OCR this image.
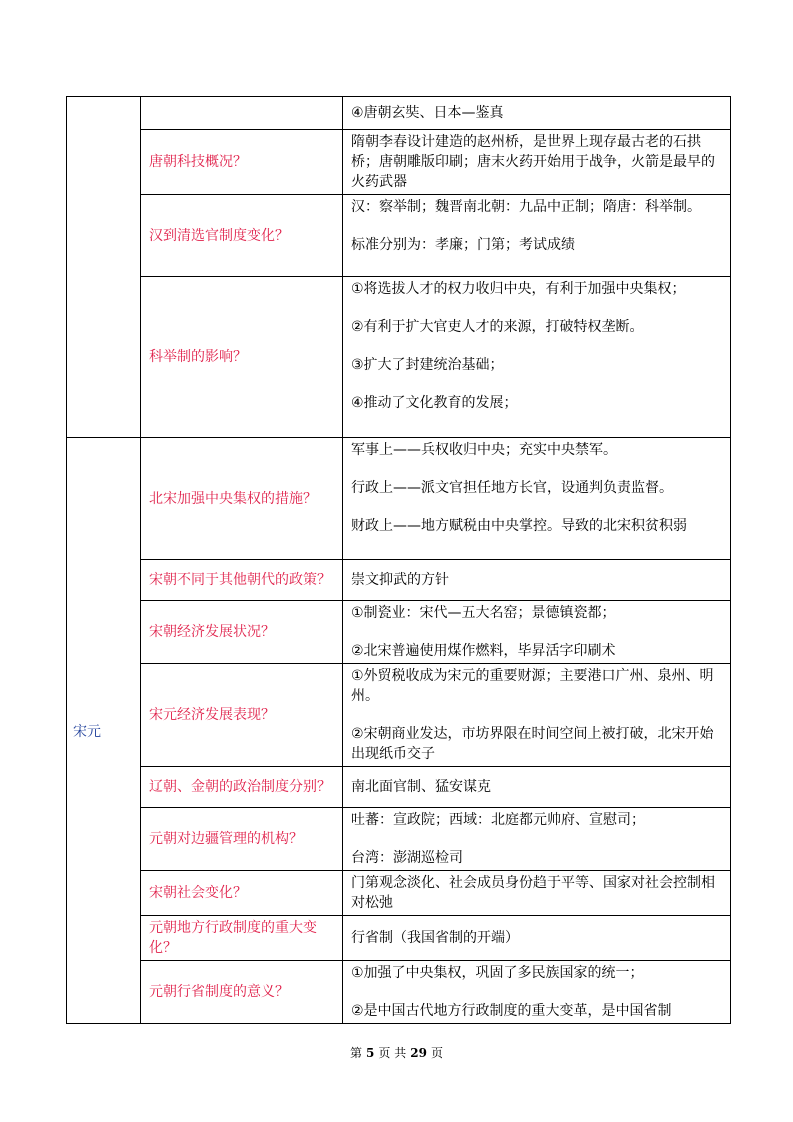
		④唐朝玄奘、日本—鉴真

	唐朝科技概况？	隋朝李春设计建造的赵州桥，是世界上现存最古老的石拱桥；唐朝雕版印刷；唐末火药开始用于战争，火箭是最早的火药武器

	汉到清选官制度变化？	汉：察举制；魏晋南北朝：九品中正制；隋唐：科举制。

标准分别为：孝廉；门第；考试成绩

	科举制的影响？	①将选拔人才的权力收归中央，有利于加强中央集权；

②有利于扩大官吏人才的来源，打破特权垄断。

③扩大了封建统治基础；

④推动了文化教育的发展；

宋元	北宋加强中央集权的措施？	军事上——兵权收归中央；充实中央禁军。

行政上——派文官担任地方长官，设通判负责监督。

财政上——地方赋税由中央掌控。导致的北宋积贫积弱

	宋朝不同于其他朝代的政策？	崇文抑武的方针

	宋朝经济发展状况？	①制瓷业：宋代—五大名窑；景德镇瓷都；

②北宋普遍使用煤作燃料，毕昇活字印刷术

	宋元经济发展表现？	①外贸税收成为宋元的重要财源；主要港口广州、泉州、明州。

②宋朝商业发达，市坊界限在时间空间上被打破，北宋开始出现纸币交子

	辽朝、金朝的政治制度分别？	南北面官制、猛安谋克

	元朝对边疆管理的机构？	吐蕃：宣政院；西域：北庭都元帅府、宣慰司；

台湾：澎湖巡检司

	宋朝社会变化？	门第观念淡化、社会成员身份趋于平等、国家对社会控制相对松弛

	元朝地方行政制度的重大变化？	行省制（我国省制的开端）

	元朝行省制度的意义？	①加强了中央集权，巩固了多民族国家的统一；

②是中国古代地方行政制度的重大变革，是中国省制

第 5 页 共 29 页
